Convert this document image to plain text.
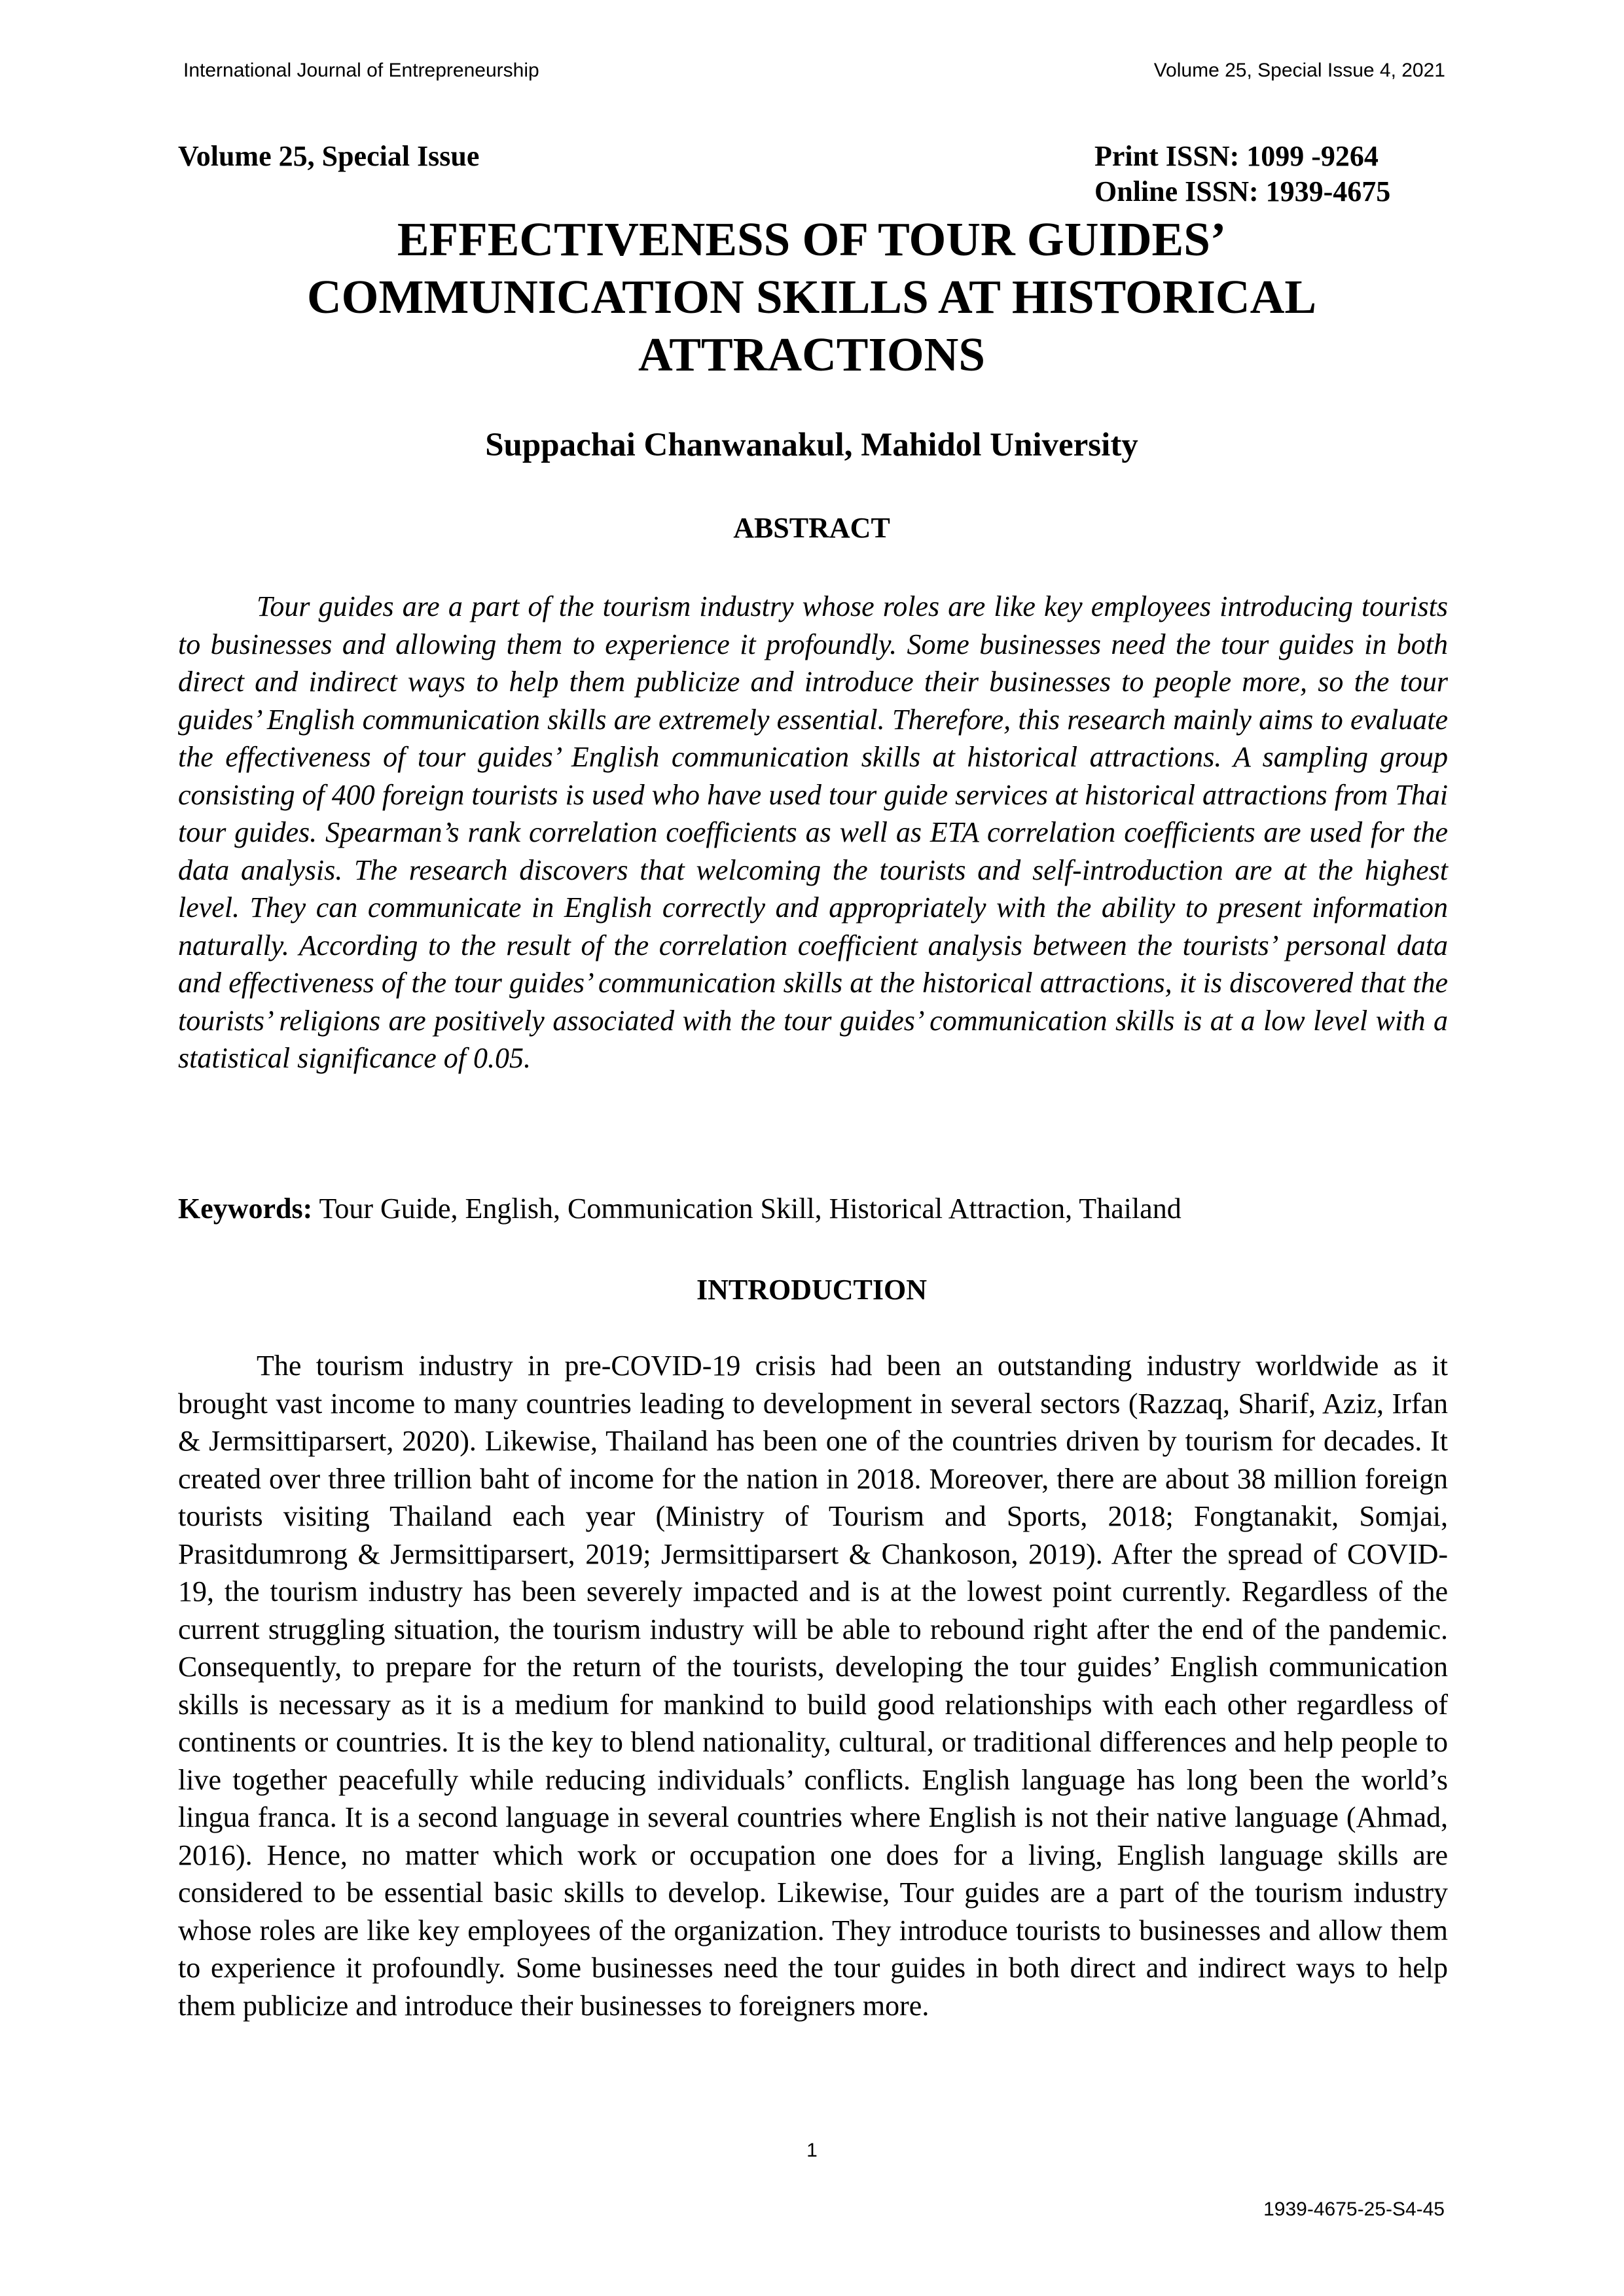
International Journal of Entrepreneurship	Volume 25, Special Issue 4, 2021
Volume 25, Special Issue	Print ISSN: 1099 -9264
Online ISSN: 1939-4675
EFFECTIVENESS OF TOUR GUIDES’
COMMUNICATION SKILLS AT HISTORICAL
ATTRACTIONS
Suppachai Chanwanakul, Mahidol University
ABSTRACT

Tour guides are a part of the tourism industry whose roles are like key employees introducing tourists to businesses and allowing them to experience it profoundly. Some businesses need the tour guides in both direct and indirect ways to help them publicize and introduce their businesses to people more, so the tour guides’ English communication skills are extremely essential. Therefore, this research mainly aims to evaluate the effectiveness of tour guides’ English communication skills at historical attractions. A sampling group consisting of 400 foreign tourists is used who have used tour guide services at historical attractions from Thai tour guides. Spearman’s rank correlation coefficients as well as ETA correlation coefficients are used for the data analysis. The research discovers that welcoming the tourists and self-introduction are at the highest level. They can communicate in English correctly and appropriately with the ability to present information naturally. According to the result of the correlation coefficient analysis between the tourists’ personal data and effectiveness of the tour guides’ communication skills at the historical attractions, it is discovered that the tourists’ religions are positively associated with the tour guides’ communication skills is at a low level with a statistical significance of 0.05.

Keywords: Tour Guide, English, Communication Skill, Historical Attraction, Thailand
INTRODUCTION

The tourism industry in pre-COVID-19 crisis had been an outstanding industry worldwide as it brought vast income to many countries leading to development in several sectors (Razzaq, Sharif, Aziz, Irfan & Jermsittiparsert, 2020). Likewise, Thailand has been one of the countries driven by tourism for decades. It created over three trillion baht of income for the nation in 2018. Moreover, there are about 38 million foreign tourists visiting Thailand each year (Ministry of Tourism and Sports, 2018; Fongtanakit, Somjai, Prasitdumrong & Jermsittiparsert, 2019; Jermsittiparsert & Chankoson, 2019). After the spread of COVID-19, the tourism industry has been severely impacted and is at the lowest point currently. Regardless of the current struggling situation, the tourism industry will be able to rebound right after the end of the pandemic. Consequently, to prepare for the return of the tourists, developing the tour guides’ English communication skills is necessary as it is a medium for mankind to build good relationships with each other regardless of continents or countries. It is the key to blend nationality, cultural, or traditional differences and help people to live together peacefully while reducing individuals’ conflicts. English language has long been the world’s lingua franca. It is a second language in several countries where English is not their native language (Ahmad, 2016). Hence, no matter which work or occupation one does for a living, English language skills are considered to be essential basic skills to develop. Likewise, Tour guides are a part of the tourism industry whose roles are like key employees of the organization. They introduce tourists to businesses and allow them to experience it profoundly. Some businesses need the tour guides in both direct and indirect ways to help them publicize and introduce their businesses to foreigners more.

1
1939-4675-25-S4-45
